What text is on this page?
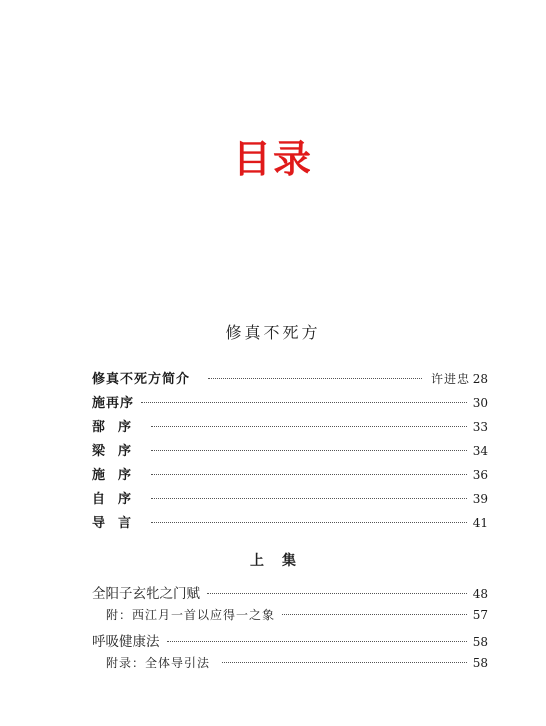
目录
修真不死方
修真不死方简介	许进忠 28
施再序	30
郚序	33
梁序	34
施序	36
自序	39
导言	41
上集
全阳子玄牝之门赋	48
附：西江月一首以应得一之象	57
呼吸健康法	58
附录：全体导引法	58
